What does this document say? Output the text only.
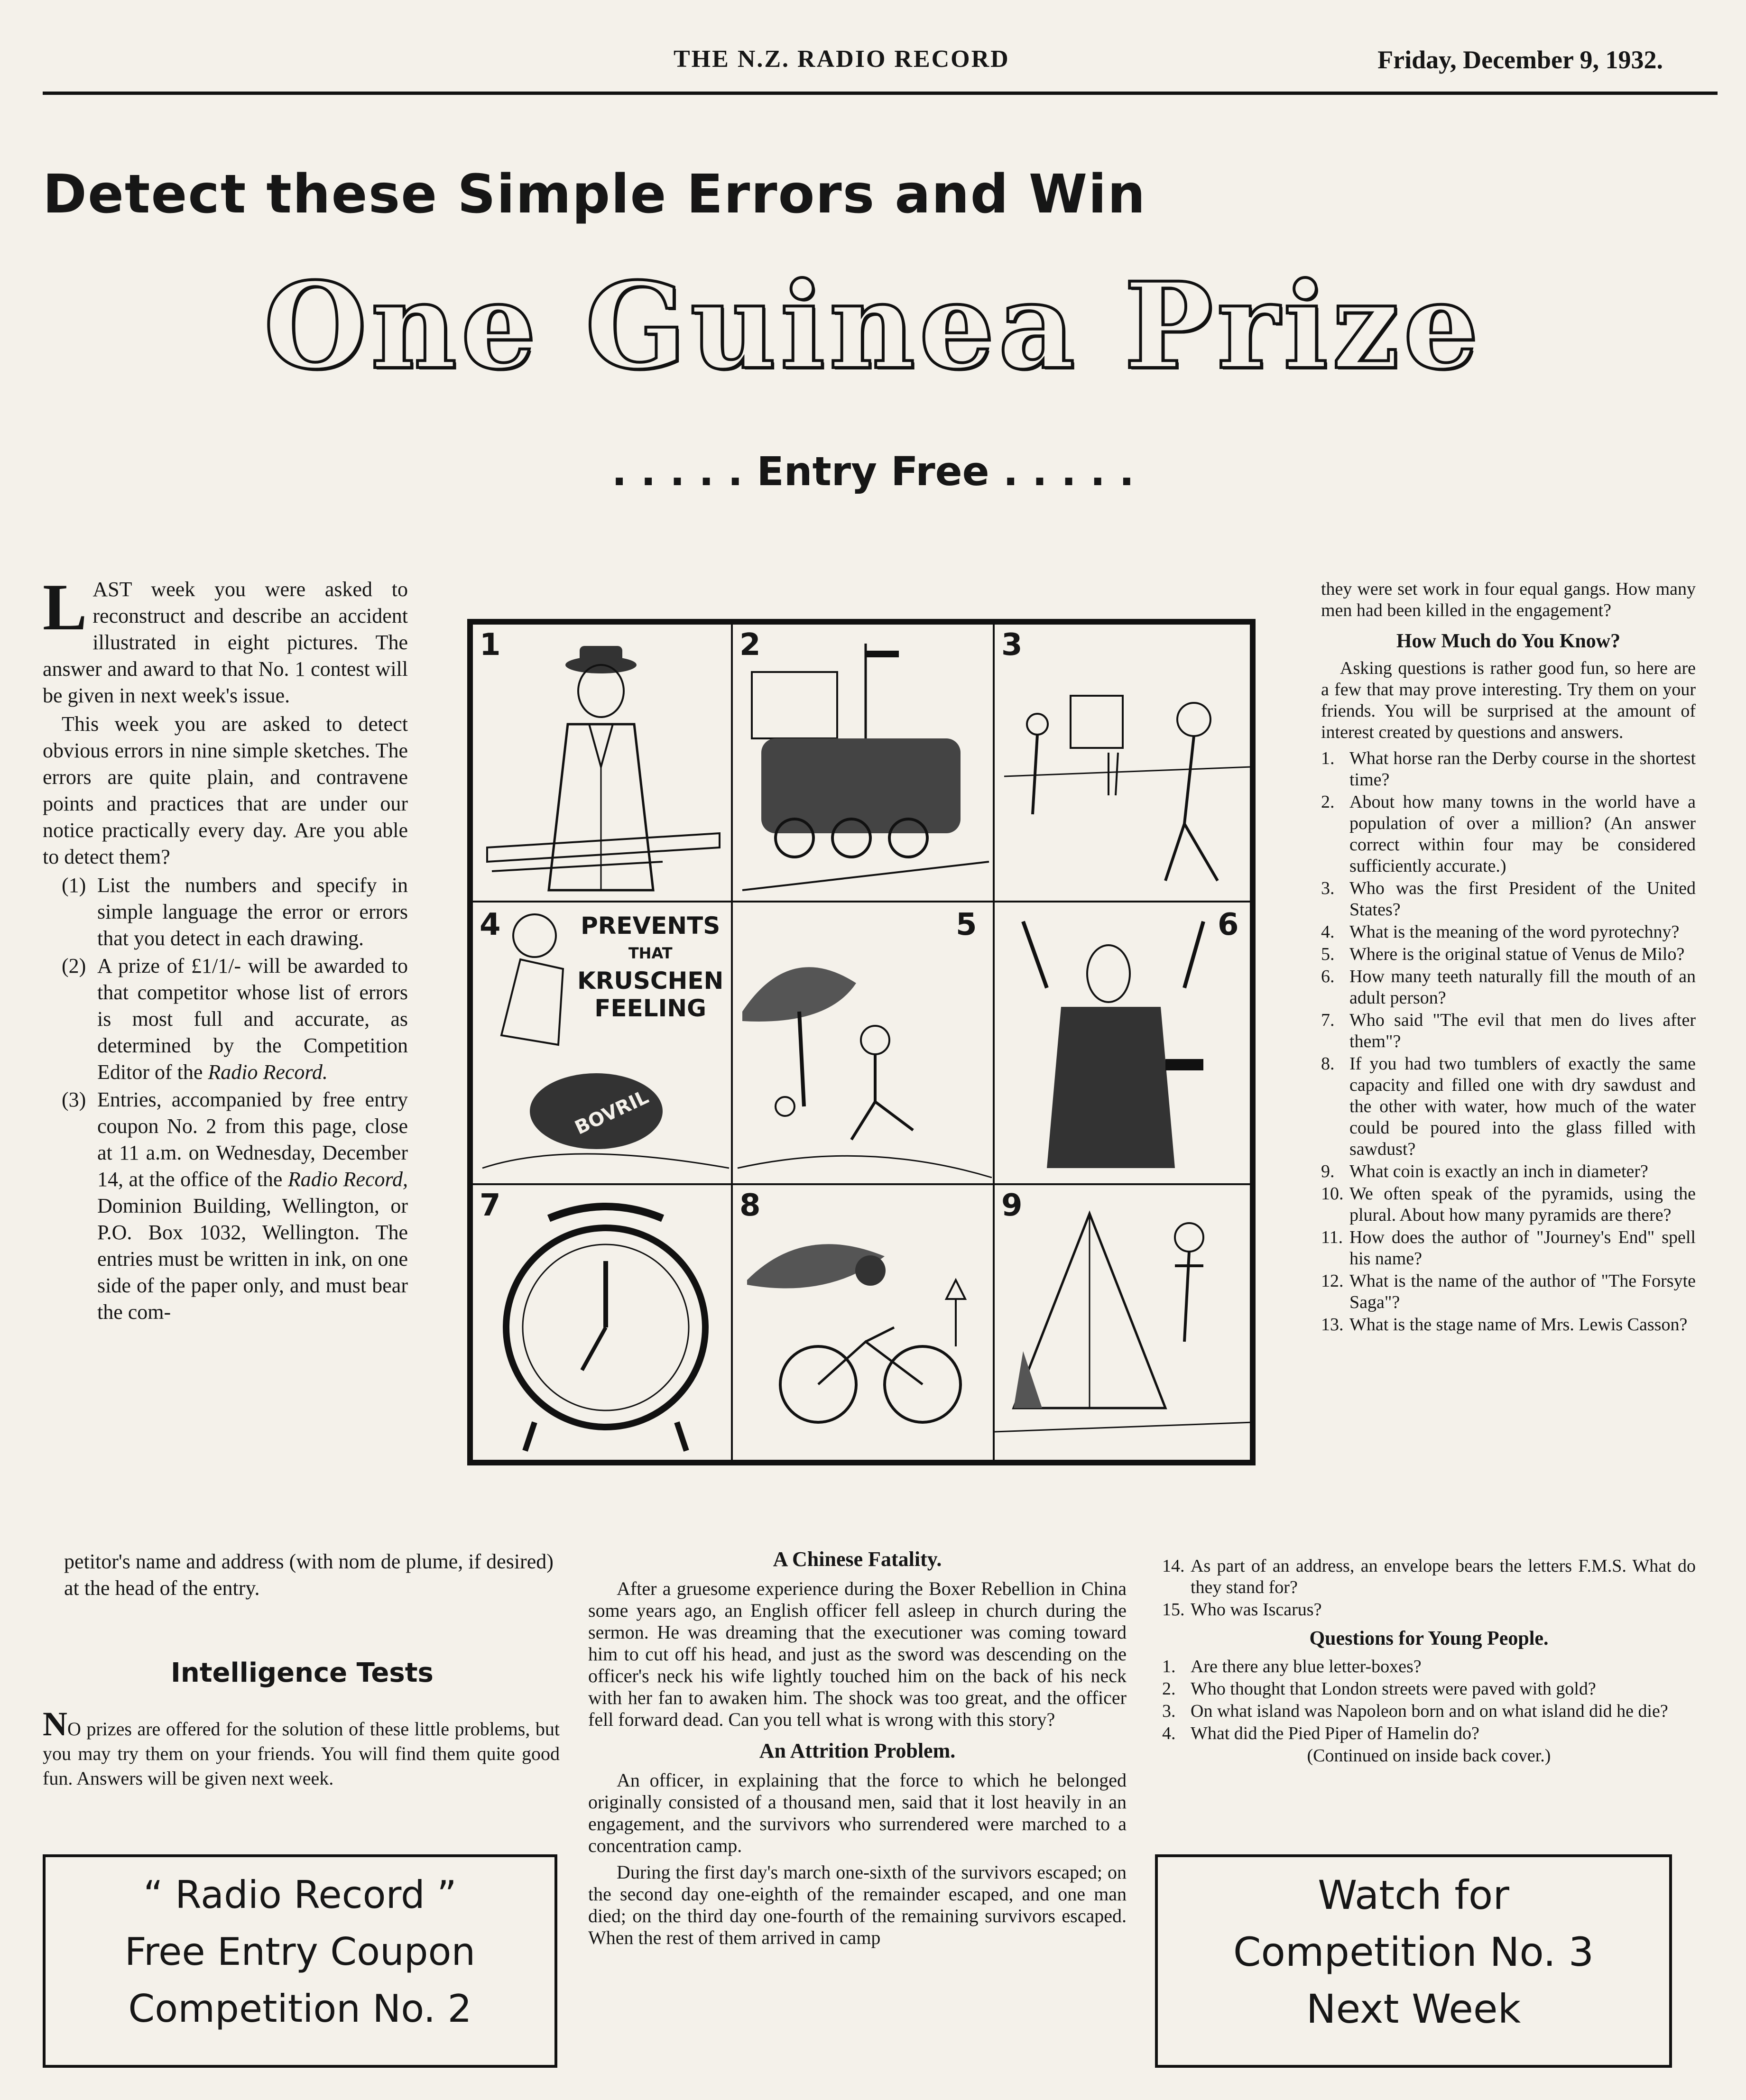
THE N.Z. RADIO RECORD	Friday, December 9, 1932.
Detect these Simple Errors and Win
One Guinea Prize
. . . . . Entry Free . . . . .

LAST week you were asked to reconstruct and describe an accident illustrated in eight pictures. The answer and award to that No. 1 contest will be given in next week's issue.

This week you are asked to detect obvious errors in nine simple sketches. The errors are quite plain, and contravene points and practices that are under our notice practically every day. Are you able to detect them?

(1) List the numbers and specify in simple language the error or errors that you detect in each drawing.
(2) A prize of £1/1/- will be awarded to that competitor whose list of errors is most full and accurate, as determined by the Competition Editor of the Radio Record.
(3) Entries, accompanied by free entry coupon No. 2 from this page, close at 11 a.m. on Wednesday, December 14, at the office of the Radio Record, Dominion Building, Wellington, or P.O. Box 1032, Wellington. The entries must be written in ink, on one side of the paper only, and must bear the com-
petitor's name and address (with nom de plume, if desired) at the head of the entry.
Intelligence Tests
NO prizes are offered for the solution of these little problems, but you may try them on your friends. You will find them quite good fun. Answers will be given next week.
“ Radio Record ”
Free Entry Coupon
Competition No. 2
1	2	3
4	PREVENTS
THAT
KRUSCHEN
FEELING
BOVRIL
5	6
7	8	9
A Chinese Fatality.

After a gruesome experience during the Boxer Rebellion in China some years ago, an English officer fell asleep in church during the sermon. He was dreaming that the executioner was coming toward him to cut off his head, and just as the sword was descending on the officer's neck his wife lightly touched him on the back of his neck with her fan to awaken him. The shock was too great, and the officer fell forward dead. Can you tell what is wrong with this story?

An Attrition Problem.

An officer, in explaining that the force to which he belonged originally consisted of a thousand men, said that it lost heavily in an engagement, and the survivors who surrendered were marched to a concentration camp.

During the first day's march one-sixth of the survivors escaped; on the second day one-eighth of the remainder escaped, and one man died; on the third day one-fourth of the remaining survivors escaped. When the rest of them arrived in camp

they were set work in four equal gangs. How many men had been killed in the engagement?

How Much do You Know?

Asking questions is rather good fun, so here are a few that may prove interesting. Try them on your friends. You will be surprised at the amount of interest created by questions and answers.

1. What horse ran the Derby course in the shortest time?
2. About how many towns in the world have a population of over a million? (An answer correct within four may be considered sufficiently accurate.)
3. Who was the first President of the United States?
4. What is the meaning of the word pyrotechny?
5. Where is the original statue of Venus de Milo?
6. How many teeth naturally fill the mouth of an adult person?
7. Who said "The evil that men do lives after them"?
8. If you had two tumblers of exactly the same capacity and filled one with dry sawdust and the other with water, how much of the water could be poured into the glass filled with sawdust?
9. What coin is exactly an inch in diameter?
10. We often speak of the pyramids, using the plural. About how many pyramids are there?
11. How does the author of "Journey's End" spell his name?
12. What is the name of the author of "The Forsyte Saga"?
13. What is the stage name of Mrs. Lewis Casson?
14. As part of an address, an envelope bears the letters F.M.S. What do they stand for?
15. Who was Iscarus?
Questions for Young People.
1. Are there any blue letter-boxes?
2. Who thought that London streets were paved with gold?
3. On what island was Napoleon born and on what island did he die?
4. What did the Pied Piper of Hamelin do?
(Continued on inside back cover.)
Watch for
Competition No. 3
Next Week
